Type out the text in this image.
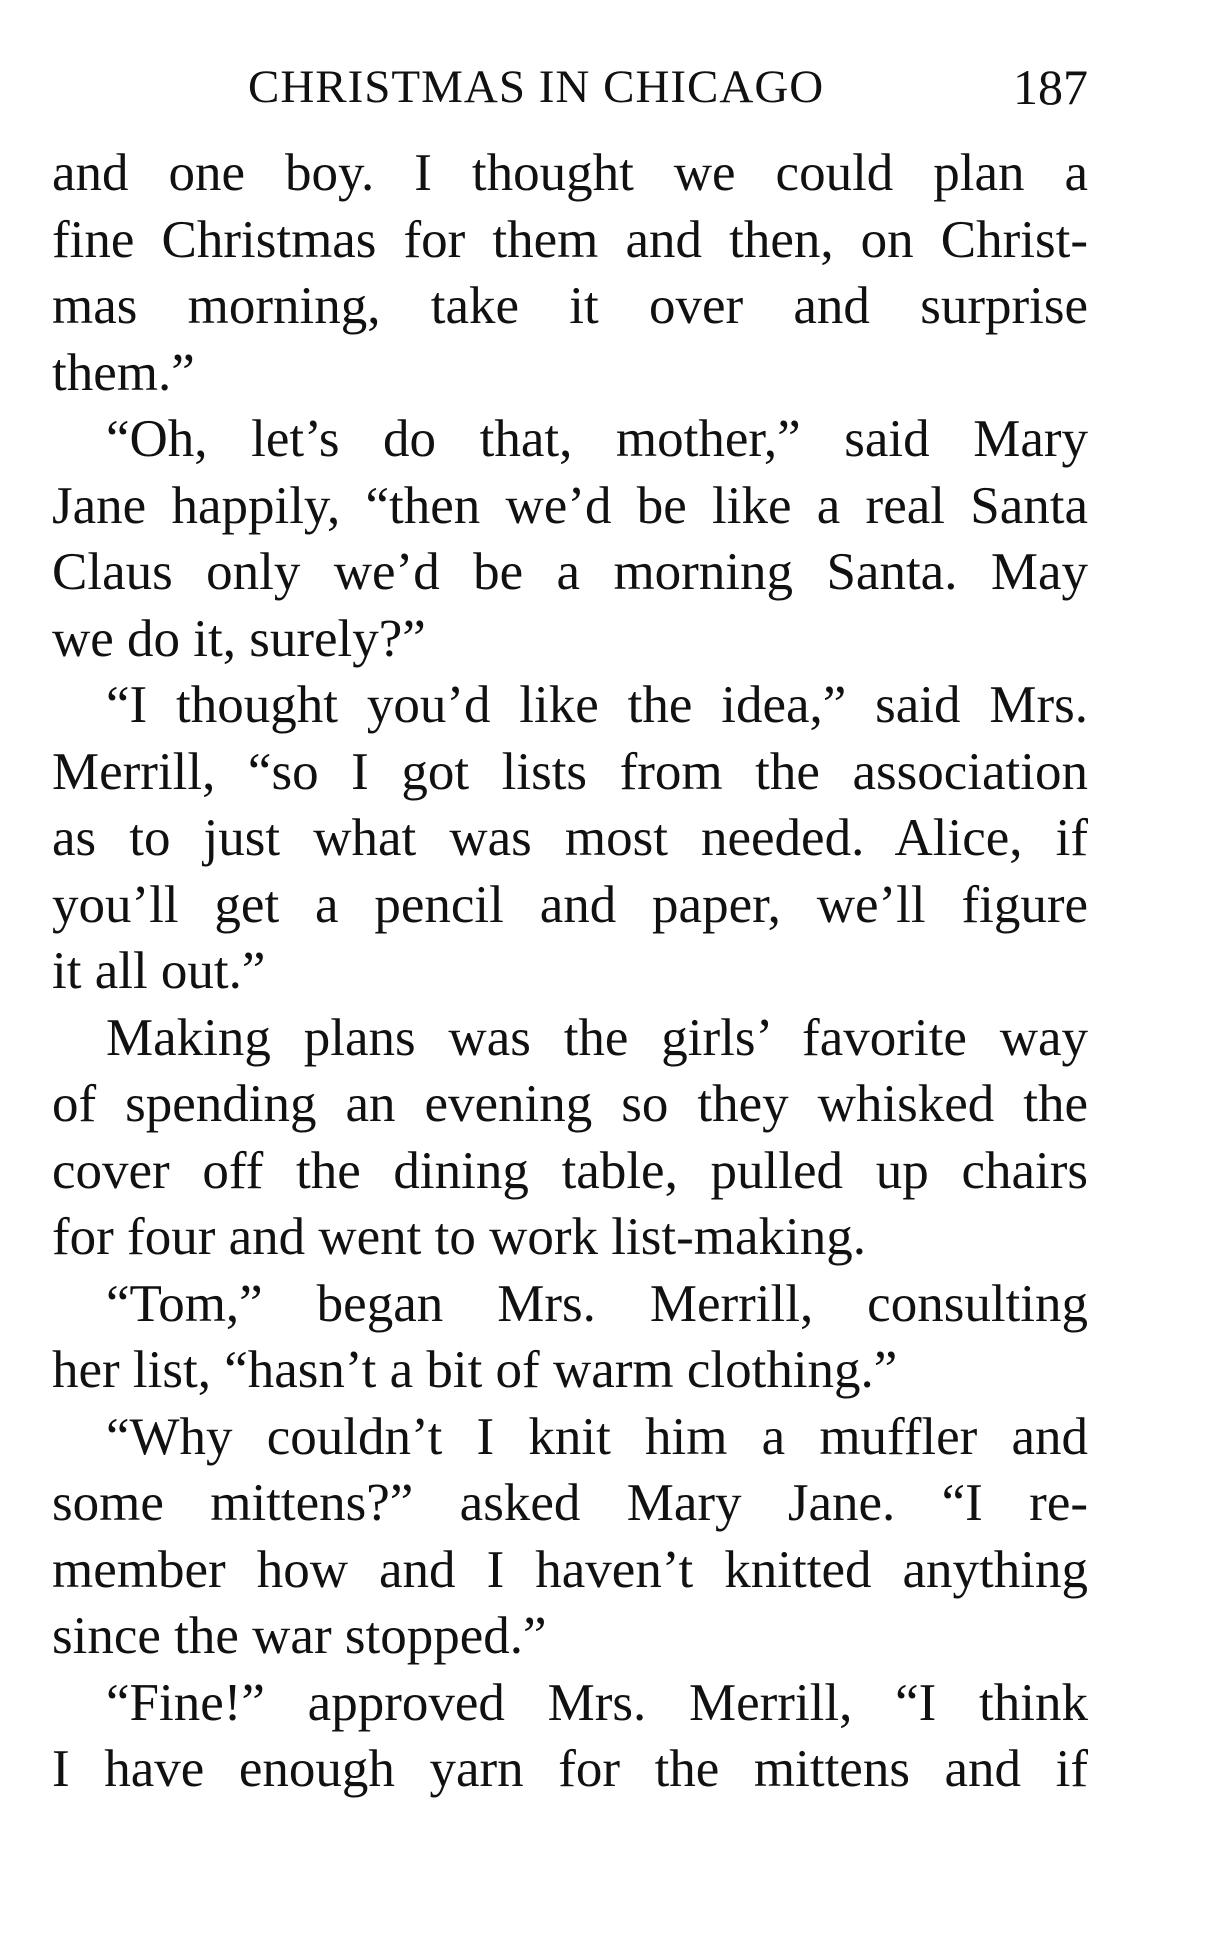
CHRISTMAS IN CHICAGO	187
and one boy. I thought we could plan a
fine Christmas for them and then, on Christ-
mas morning, take it over and surprise
them.”
“Oh, let’s do that, mother,” said Mary
Jane happily, “then we’d be like a real Santa
Claus only we’d be a morning Santa. May
we do it, surely?”
“I thought you’d like the idea,” said Mrs.
Merrill, “so I got lists from the association
as to just what was most needed. Alice, if
you’ll get a pencil and paper, we’ll figure
it all out.”
Making plans was the girls’ favorite way
of spending an evening so they whisked the
cover off the dining table, pulled up chairs
for four and went to work list-making.
“Tom,” began Mrs. Merrill, consulting
her list, “hasn’t a bit of warm clothing.”
“Why couldn’t I knit him a muffler and
some mittens?” asked Mary Jane. “I re-
member how and I haven’t knitted anything
since the war stopped.”
“Fine!” approved Mrs. Merrill, “I think
I have enough yarn for the mittens and if
